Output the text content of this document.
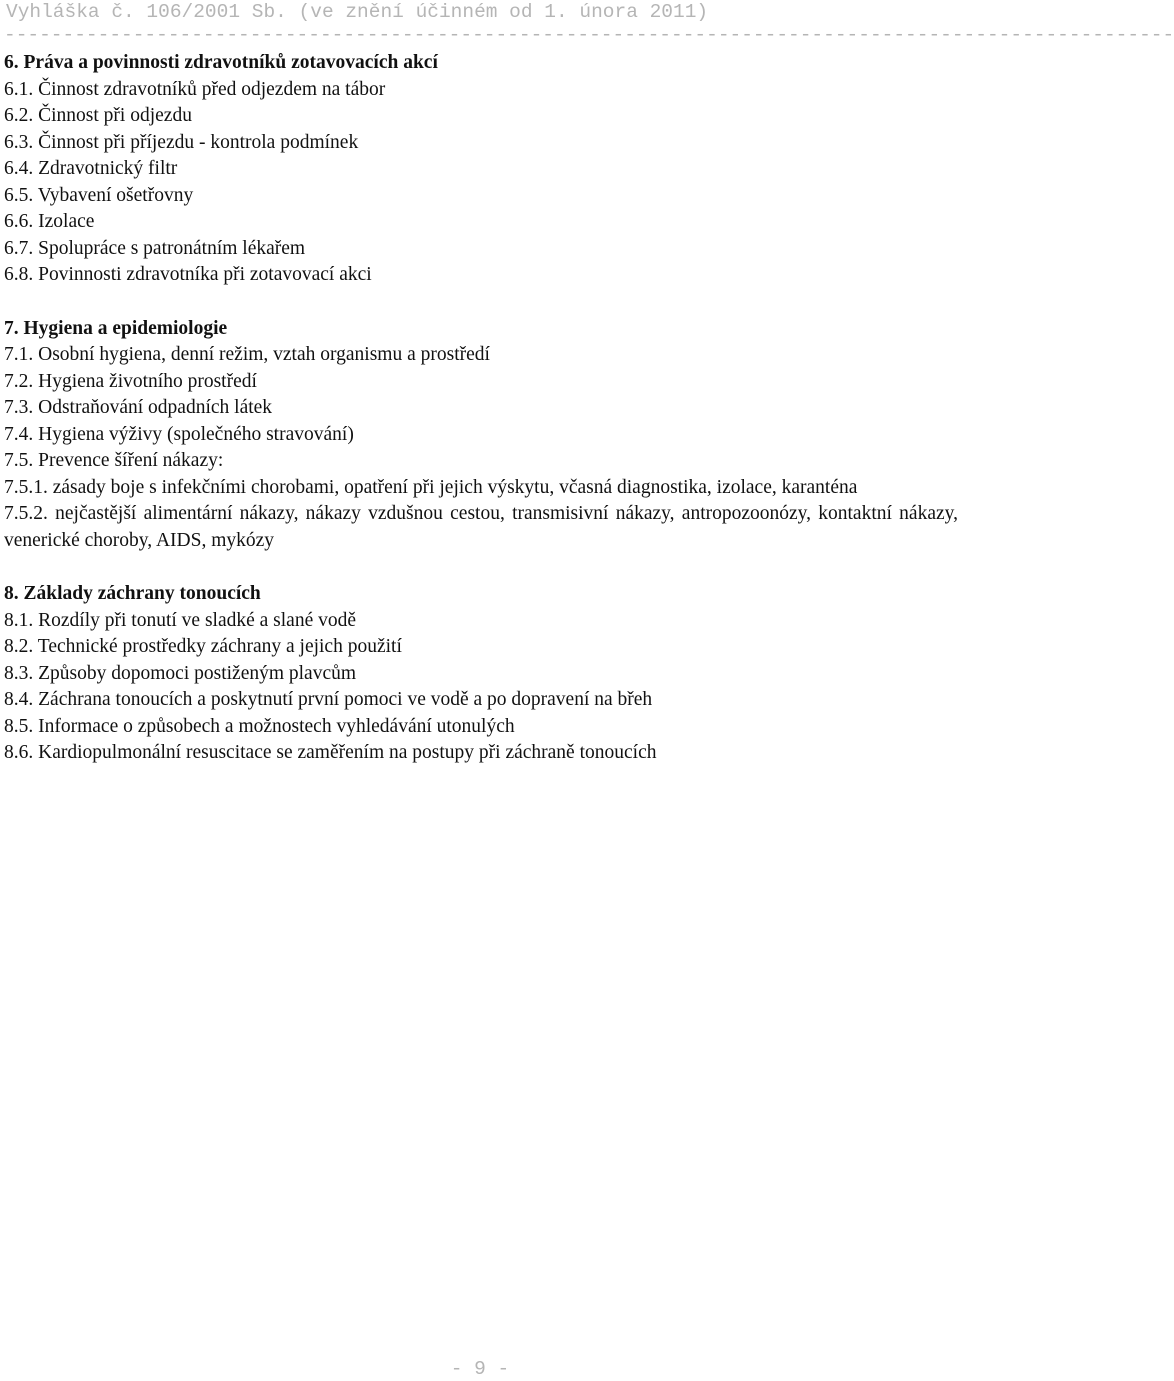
Vyhláška č. 106/2001 Sb. (ve znění účinném od 1. února 2011)
----------------------------------------------------------------------------------------------------

6. Práva a povinnosti zdravotníků zotavovacích akcí

6.1. Činnost zdravotníků před odjezdem na tábor

6.2. Činnost při odjezdu

6.3. Činnost při příjezdu - kontrola podmínek

6.4. Zdravotnický filtr

6.5. Vybavení ošetřovny

6.6. Izolace

6.7. Spolupráce s patronátním lékařem

6.8. Povinnosti zdravotníka při zotavovací akci

7. Hygiena a epidemiologie

7.1. Osobní hygiena, denní režim, vztah organismu a prostředí

7.2. Hygiena životního prostředí

7.3. Odstraňování odpadních látek

7.4. Hygiena výživy (společného stravování)

7.5. Prevence šíření nákazy:

7.5.1. zásady boje s infekčními chorobami, opatření při jejich výskytu, včasná diagnostika, izolace, karanténa

7.5.2. nejčastější alimentární nákazy, nákazy vzdušnou cestou, transmisivní nákazy, antropozoonózy, kontaktní nákazy, venerické choroby, AIDS, mykózy

8. Základy záchrany tonoucích

8.1. Rozdíly při tonutí ve sladké a slané vodě

8.2. Technické prostředky záchrany a jejich použití

8.3. Způsoby dopomoci postiženým plavcům

8.4. Záchrana tonoucích a poskytnutí první pomoci ve vodě a po dopravení na břeh

8.5. Informace o způsobech a možnostech vyhledávání utonulých

8.6. Kardiopulmonální resuscitace se zaměřením na postupy při záchraně tonoucích

- 9 -
